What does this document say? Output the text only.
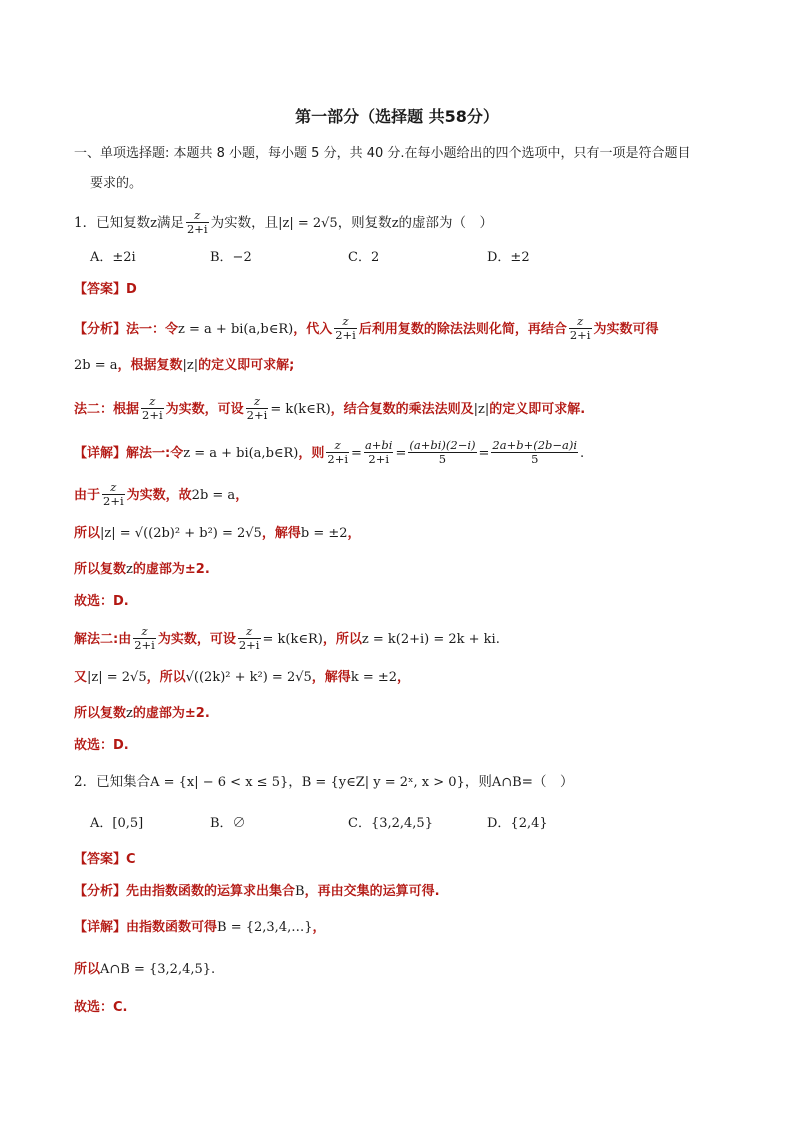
第一部分（选择题 共58分）
一、单项选择题: 本题共 8 小题，每小题 5 分，共 40 分.在每小题给出的四个选项中，只有一项是符合题目
要求的。
1．已知复数z满足 $\frac{z}{2+i}$ 为实数，且|z| = 2√5，则复数z的虚部为（　）
A．±2i	B．−2	C．2	D．±2
【答案】D
【分析】法一：令z = a + bi(a,b∈R)，代入 $\frac{z}{2+i}$ 后利用复数的除法法则化简，再结合 $\frac{z}{2+i}$ 为实数可得
2b = a，根据复数|z|的定义即可求解;
法二：根据 $\frac{z}{2+i}$ 为实数，可设 $\frac{z}{2+i}$ = k(k∈R)，结合复数的乘法法则及|z|的定义即可求解.
【详解】解法一:令z = a + bi(a,b∈R)，则 $\frac{z}{2+i} = \frac{a+bi}{2+i} = \frac{(a+bi)(2-i)}{5} = \frac{2a+b+(2b-a)i}{5}$ .
由于 $\frac{z}{2+i}$ 为实数，故2b = a，
所以|z| = √((2b)² + b²) = 2√5，解得b = ±2，
所以复数z的虚部为±2.
故选：D.
解法二:由 $\frac{z}{2+i}$ 为实数，可设 $\frac{z}{2+i}$ = k(k∈R)，所以z = k(2+i) = 2k + ki.
又|z| = 2√5，所以√((2k)² + k²) = 2√5，解得k = ±2，
所以复数z的虚部为±2.
故选：D.
2．已知集合A = {x| − 6 < x ≤ 5}，B = {y∈Z| y = 2ˣ, x > 0}，则A∩B=（　）
A．[0,5]	B．∅	C．{3,2,4,5}	D．{2,4}
【答案】C
【分析】先由指数函数的运算求出集合B，再由交集的运算可得.
【详解】由指数函数可得B = {2,3,4,…}，
所以A∩B = {3,2,4,5}.
故选：C.
